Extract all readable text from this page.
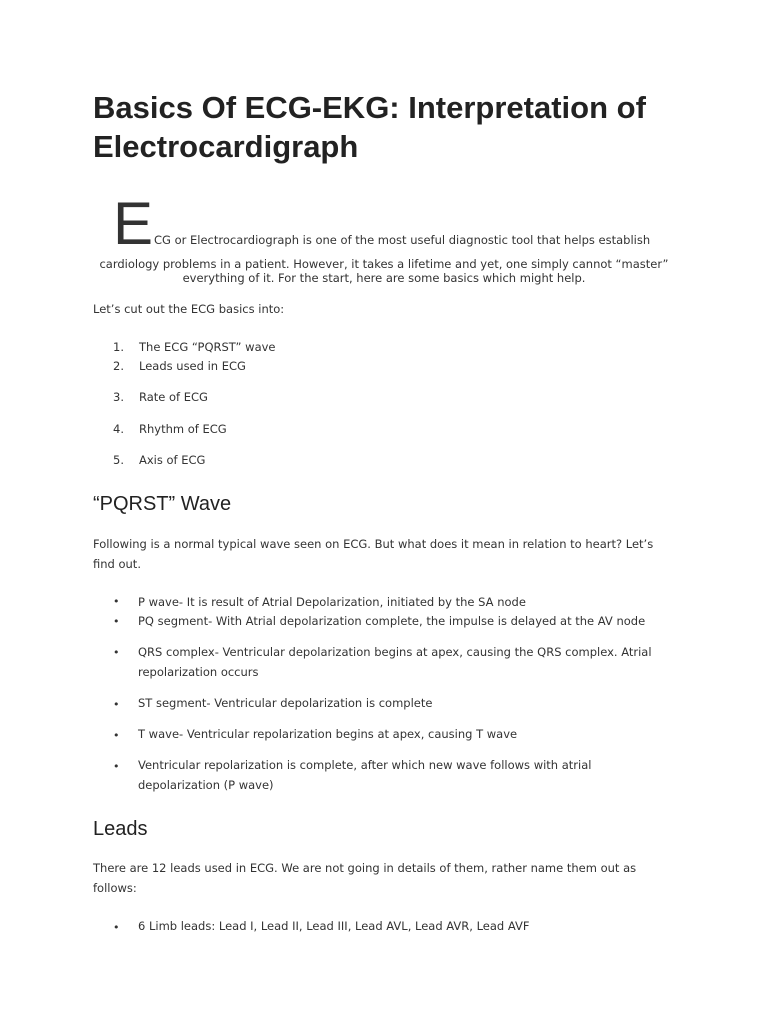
Basics Of ECG-EKG: Interpretation of Electrocardigraph
E CG or Electrocardiograph is one of the most useful diagnostic tool that helps establish

cardiology problems in a patient. However, it takes a lifetime and yet, one simply cannot “master”

everything of it. For the start, here are some basics which might help.

Let’s cut out the ECG basics into:

1. The ECG “PQRST” wave
2. Leads used in ECG
3. Rate of ECG
4. Rhythm of ECG
5. Axis of ECG
“PQRST” Wave

Following is a normal typical wave seen on ECG. But what does it mean in relation to heart? Let’s

find out.

• P wave- It is result of Atrial Depolarization, initiated by the SA node

• PQ segment- With Atrial depolarization complete, the impulse is delayed at the AV node

• QRS complex- Ventricular depolarization begins at apex, causing the QRS complex. Atrial repolarization occurs

• ST segment- Ventricular depolarization is complete

• T wave- Ventricular repolarization begins at apex, causing T wave

• Ventricular repolarization is complete, after which new wave follows with atrial depolarization (P wave)

Leads

There are 12 leads used in ECG. We are not going in details of them, rather name them out as

follows:

• 6 Limb leads: Lead I, Lead II, Lead III, Lead AVL, Lead AVR, Lead AVF
